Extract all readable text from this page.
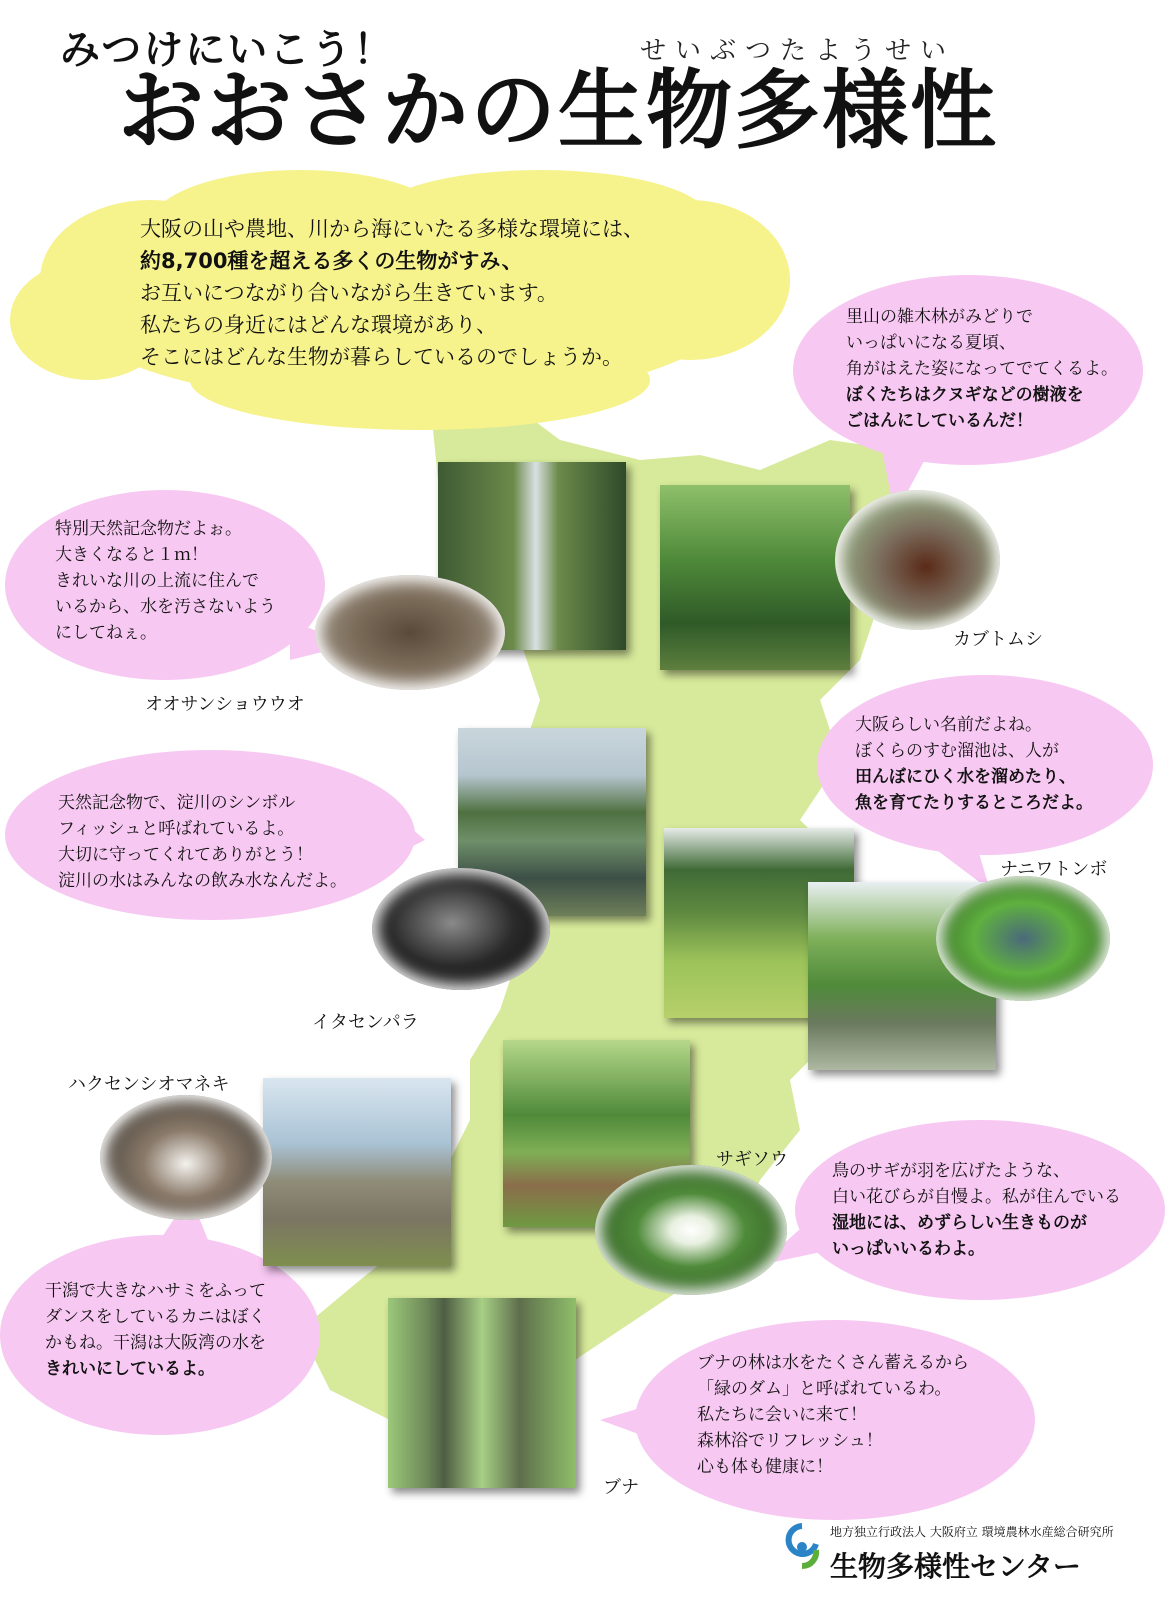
みつけにいこう！	せいぶつたようせい
おおさかの生物多様性
大阪の山や農地、川から海にいたる多様な環境には、
約8,700種を超える多くの生物がすみ、
お互いにつながり合いながら生きています。
私たちの身近にはどんな環境があり、
そこにはどんな生物が暮らしているのでしょうか。
里山の雑木林がみどりで
いっぱいになる夏頃、
角がはえた姿になってでてくるよ。
ぼくたちはクヌギなどの樹液を
ごはんにしているんだ！
特別天然記念物だよぉ。
大きくなると１ｍ！
きれいな川の上流に住んで
いるから、水を汚さないよう
にしてねぇ。
大阪らしい名前だよね。
ぼくらのすむ溜池は、人が
田んぼにひく水を溜めたり、
魚を育てたりするところだよ。
天然記念物で、淀川のシンボル
フィッシュと呼ばれているよ。
大切に守ってくれてありがとう！
淀川の水はみんなの飲み水なんだよ。
鳥のサギが羽を広げたような、
白い花びらが自慢よ。私が住んでいる
湿地には、めずらしい生きものが
いっぱいいるわよ。
干潟で大きなハサミをふって
ダンスをしているカニはぼく
かもね。干潟は大阪湾の水を
きれいにしているよ。	ブナの林は水をたくさん蓄えるから
「緑のダム」と呼ばれているわ。
私たちに会いに来て！
森林浴でリフレッシュ！
心も体も健康に！
カブトムシ
オオサンショウウオ
ナニワトンボ
イタセンパラ
ハクセンシオマネキ
サギソウ
ブナ
地方独立行政法人 大阪府立 環境農林水産総合研究所
生物多様性センター
